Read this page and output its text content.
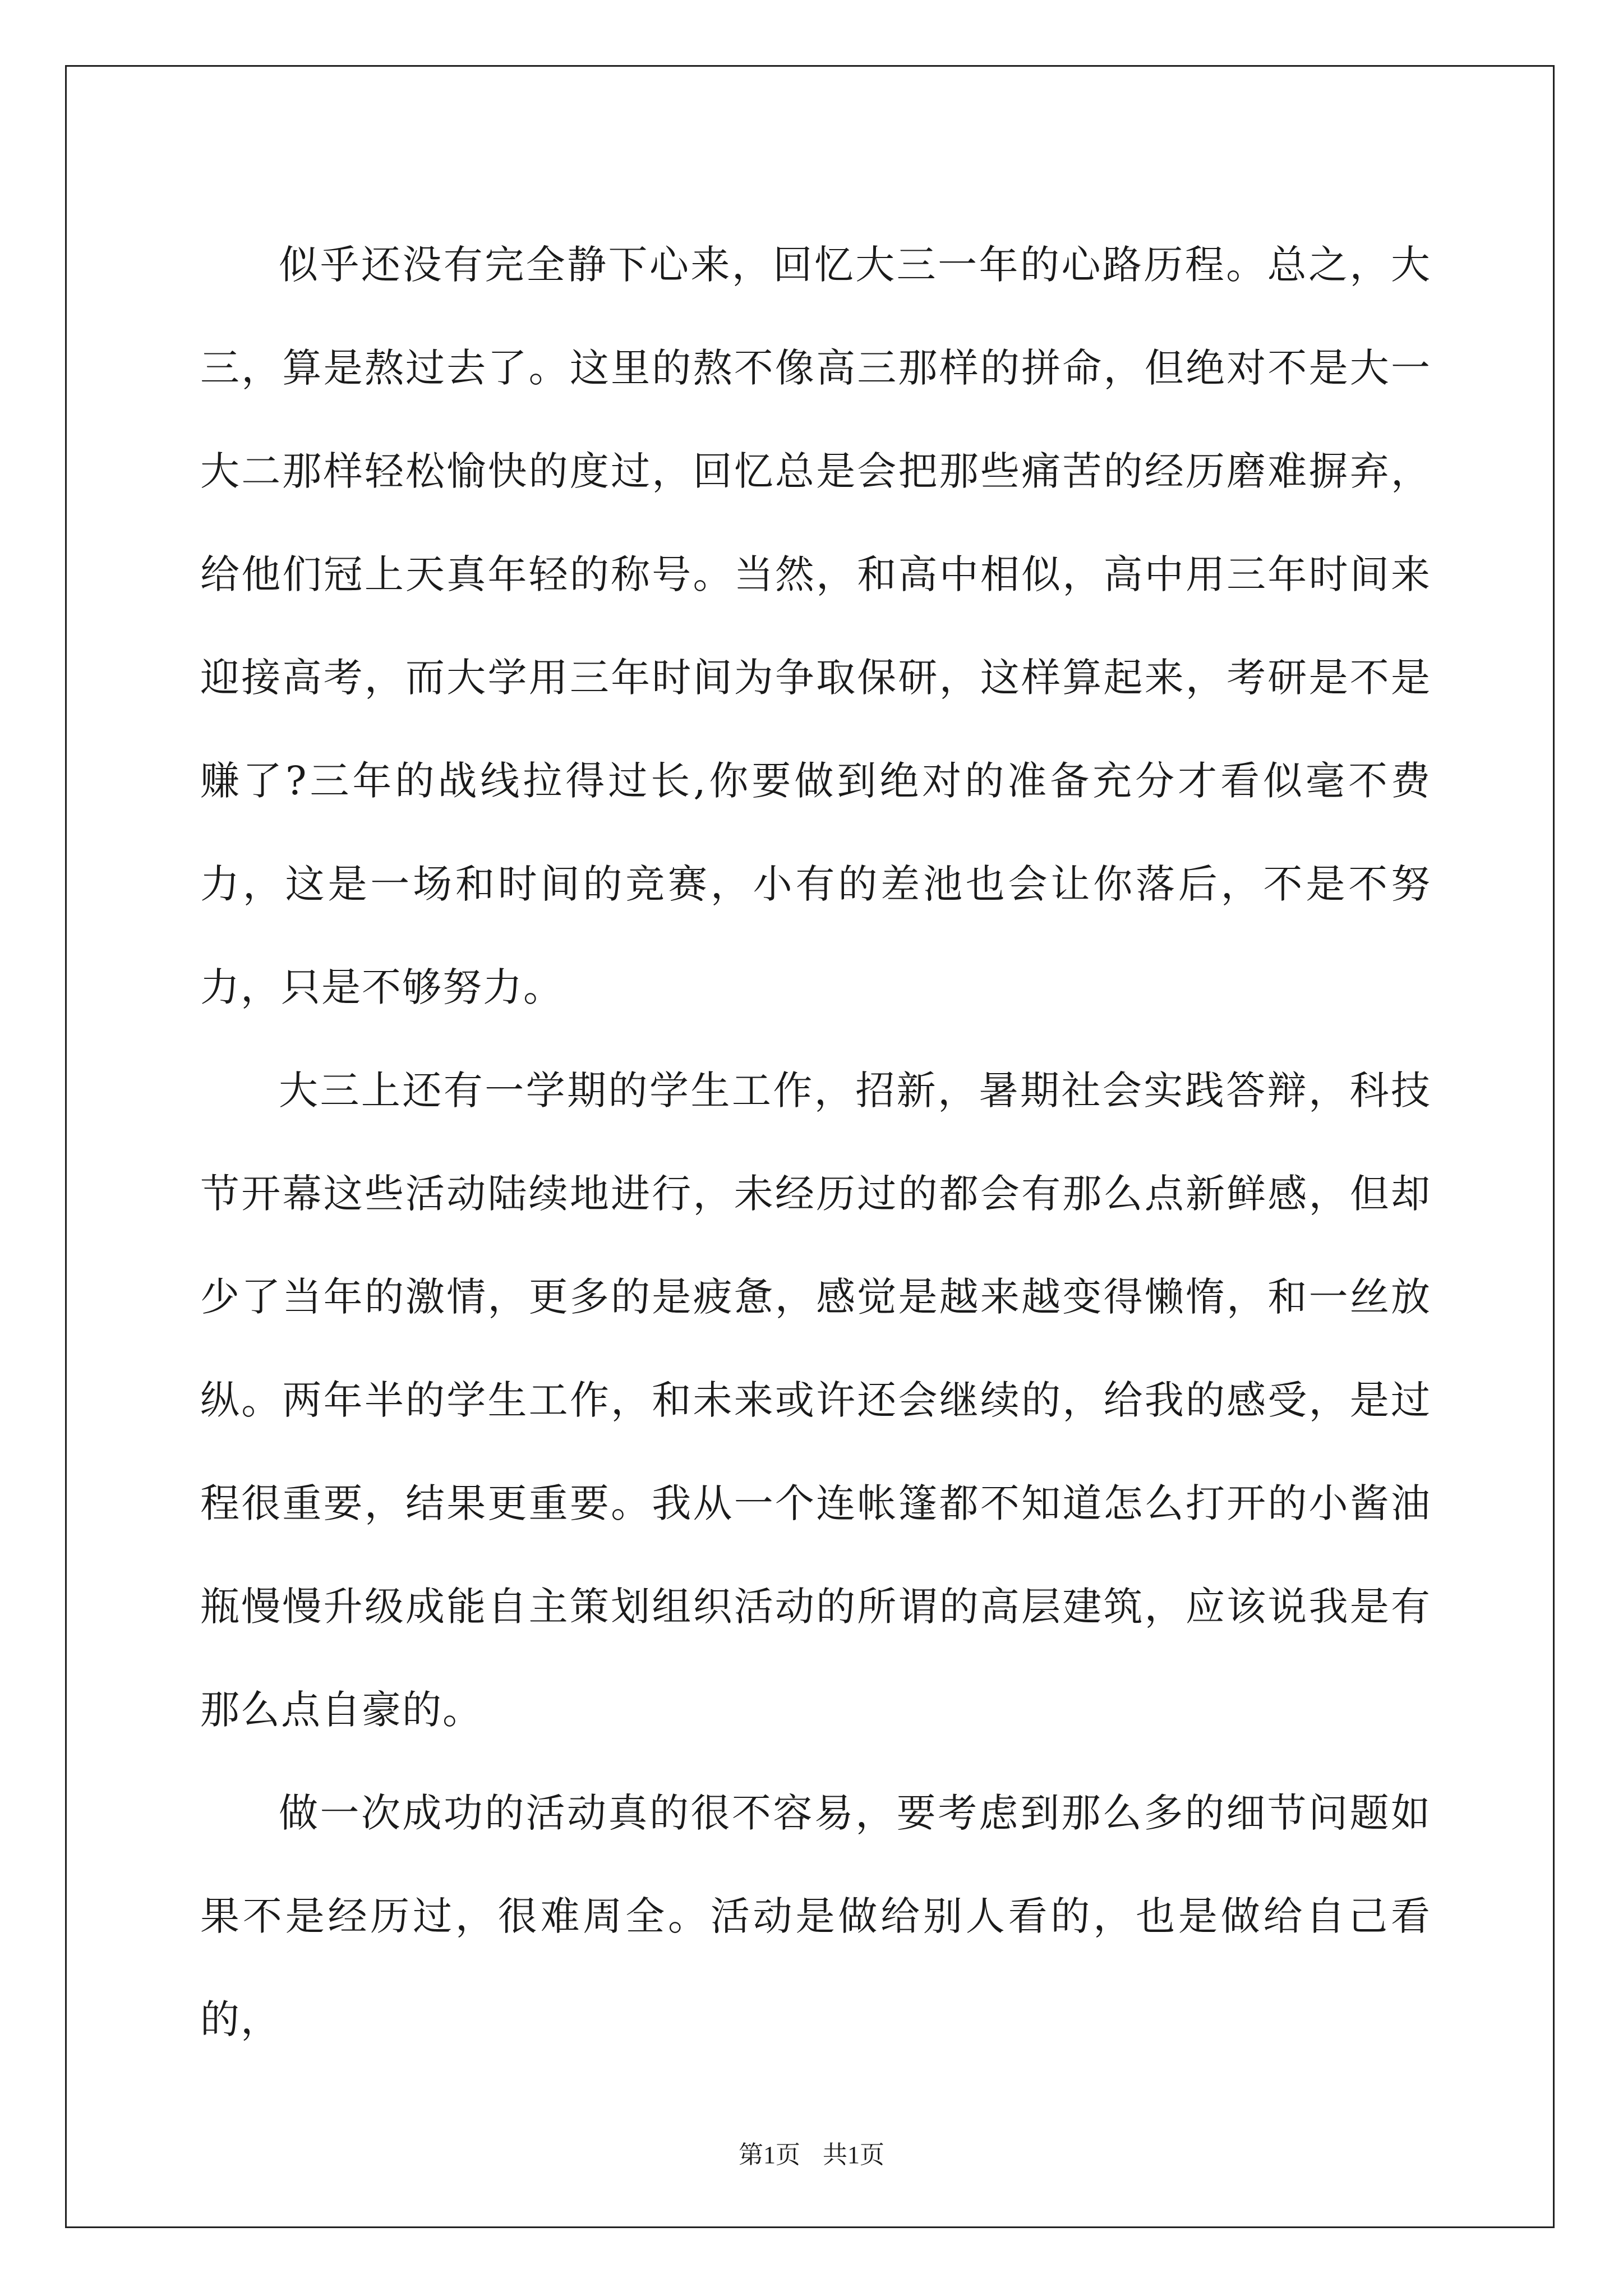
似乎还没有完全静下心来，回忆大三一年的心路历程。总之，大三，算是熬过去了。这里的熬不像高三那样的拼命，但绝对不是大一大二那样轻松愉快的度过，回忆总是会把那些痛苦的经历磨难摒弃，给他们冠上天真年轻的称号。当然，和高中相似，高中用三年时间来迎接高考，而大学用三年时间为争取保研，这样算起来，考研是不是赚了?三年的战线拉得过长,你要做到绝对的准备充分才看似毫不费力，这是一场和时间的竞赛，小有的差池也会让你落后，不是不努力，只是不够努力。

大三上还有一学期的学生工作，招新，暑期社会实践答辩，科技节开幕这些活动陆续地进行，未经历过的都会有那么点新鲜感，但却少了当年的激情，更多的是疲惫，感觉是越来越变得懒惰，和一丝放纵。两年半的学生工作，和未来或许还会继续的，给我的感受，是过程很重要，结果更重要。我从一个连帐篷都不知道怎么打开的小酱油瓶慢慢升级成能自主策划组织活动的所谓的高层建筑，应该说我是有那么点自豪的。

做一次成功的活动真的很不容易，要考虑到那么多的细节问题如果不是经历过，很难周全。活动是做给别人看的，也是做给自己看的，

第1页 共1页
